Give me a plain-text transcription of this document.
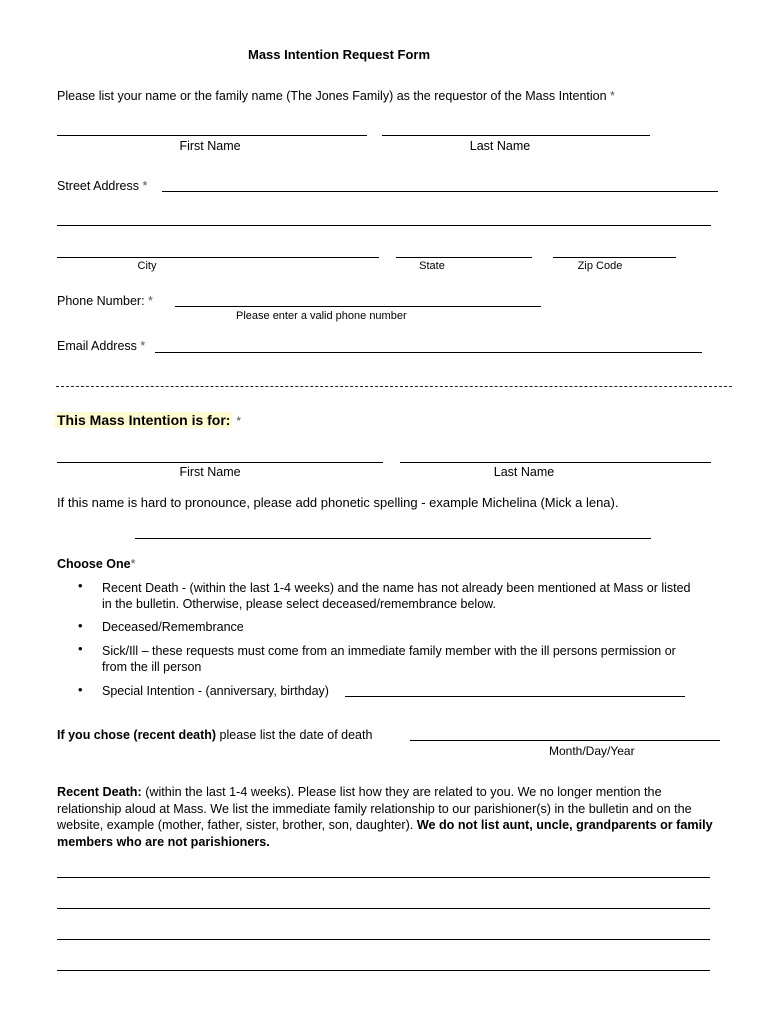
Mass Intention Request Form
Please list your name or the family name (The Jones Family) as the requestor of the Mass Intention *
First Name	Last Name
Street Address *
City	State	Zip Code
Phone Number: *
Please enter a valid phone number
Email Address *
This Mass Intention is for: *
First Name	Last Name
If this name is hard to pronounce, please add phonetic spelling - example Michelina (Mick a lena).
Choose One*
• Recent Death - (within the last 1-4 weeks) and the name has not already been mentioned at Mass or listed
in the bulletin. Otherwise, please select deceased/remembrance below.
• Deceased/Remembrance
• Sick/Ill – these requests must come from an immediate family member with the ill persons permission or
from the ill person
• Special Intention - (anniversary, birthday)
If you chose (recent death) please list the date of death
Month/Day/Year
Recent Death: (within the last 1-4 weeks). Please list how they are related to you. We no longer mention the relationship aloud at Mass. We list the immediate family relationship to our parishioner(s) in the bulletin and on the website, example (mother, father, sister, brother, son, daughter). We do not list aunt, uncle, grandparents or family members who are not parishioners.
